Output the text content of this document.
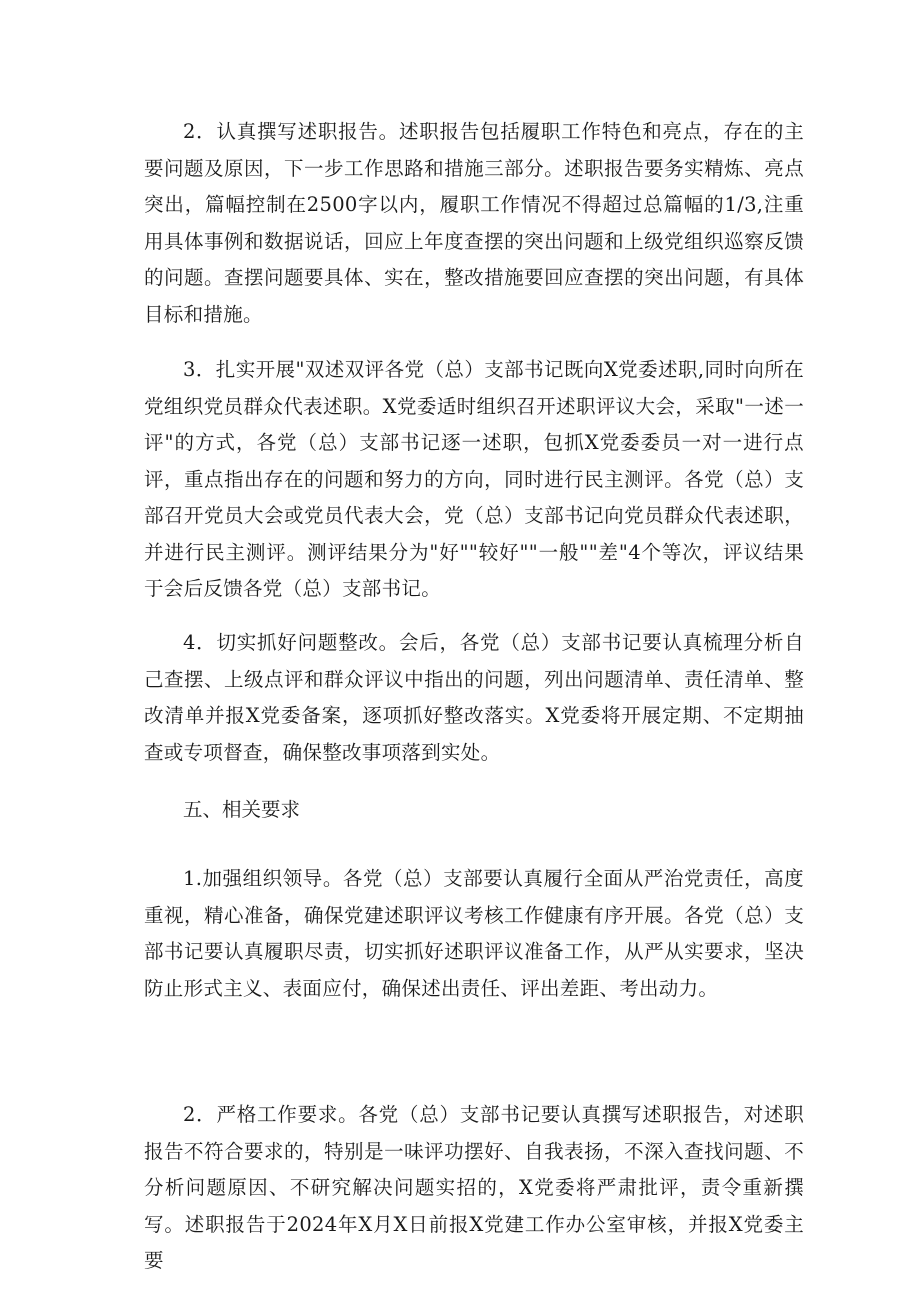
2．认真撰写述职报告。述职报告包括履职工作特色和亮点，存在的主要问题及原因，下一步工作思路和措施三部分。述职报告要务实精炼、亮点突出，篇幅控制在2500字以内，履职工作情况不得超过总篇幅的1/3,注重用具体事例和数据说话，回应上年度查摆的突出问题和上级党组织巡察反馈的问题。查摆问题要具体、实在，整改措施要回应查摆的突出问题，有具体目标和措施。

3．扎实开展"双述双评各党（总）支部书记既向X党委述职,同时向所在党组织党员群众代表述职。X党委适时组织召开述职评议大会，采取"一述一评"的方式，各党（总）支部书记逐一述职，包抓X党委委员一对一进行点评，重点指出存在的问题和努力的方向，同时进行民主测评。各党（总）支部召开党员大会或党员代表大会，党（总）支部书记向党员群众代表述职，并进行民主测评。测评结果分为"好""较好""一般""差"4个等次，评议结果于会后反馈各党（总）支部书记。

4．切实抓好问题整改。会后，各党（总）支部书记要认真梳理分析自己查摆、上级点评和群众评议中指出的问题，列出问题清单、责任清单、整改清单并报X党委备案，逐项抓好整改落实。X党委将开展定期、不定期抽查或专项督查，确保整改事项落到实处。

五、相关要求

1.加强组织领导。各党（总）支部要认真履行全面从严治党责任，高度重视，精心准备，确保党建述职评议考核工作健康有序开展。各党（总）支部书记要认真履职尽责，切实抓好述职评议准备工作，从严从实要求，坚决防止形式主义、表面应付，确保述出责任、评出差距、考出动力。

2．严格工作要求。各党（总）支部书记要认真撰写述职报告，对述职报告不符合要求的，特别是一味评功摆好、自我表扬，不深入查找问题、不分析问题原因、不研究解决问题实招的，X党委将严肃批评，责令重新撰写。述职报告于2024年X月X日前报X党建工作办公室审核，并报X党委主要
